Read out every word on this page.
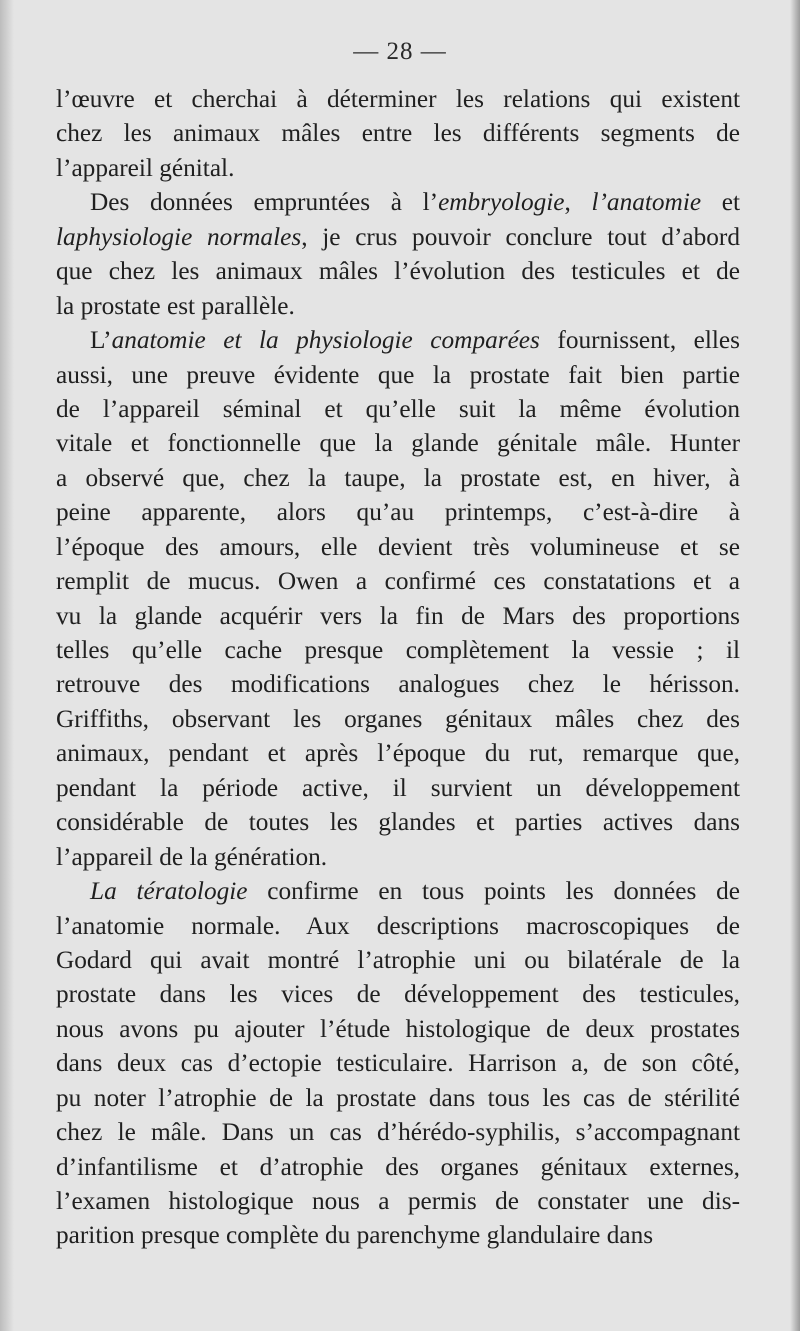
— 28 —
l’œuvre et cherchai à déterminer les relations qui existent
chez les animaux mâles entre les différents segments de
l’appareil génital.
Des données empruntées à l’embryologie, l’anatomie et
laphysiologie normales, je crus pouvoir conclure tout d’abord
que chez les animaux mâles l’évolution des testicules et de
la prostate est parallèle.
L’anatomie et la physiologie comparées fournissent, elles
aussi, une preuve évidente que la prostate fait bien partie
de l’appareil séminal et qu’elle suit la même évolution
vitale et fonctionnelle que la glande génitale mâle. Hunter
a observé que, chez la taupe, la prostate est, en hiver, à
peine apparente, alors qu’au printemps, c’est-à-dire à
l’époque des amours, elle devient très volumineuse et se
remplit de mucus. Owen a confirmé ces constatations et a
vu la glande acquérir vers la fin de Mars des proportions
telles qu’elle cache presque complètement la vessie ; il
retrouve des modifications analogues chez le hérisson.
Griffiths, observant les organes génitaux mâles chez des
animaux, pendant et après l’époque du rut, remarque que,
pendant la période active, il survient un développement
considérable de toutes les glandes et parties actives dans
l’appareil de la génération.
La tératologie confirme en tous points les données de
l’anatomie normale. Aux descriptions macroscopiques de
Godard qui avait montré l’atrophie uni ou bilatérale de la
prostate dans les vices de développement des testicules,
nous avons pu ajouter l’étude histologique de deux prostates
dans deux cas d’ectopie testiculaire. Harrison a, de son côté,
pu noter l’atrophie de la prostate dans tous les cas de stérilité
chez le mâle. Dans un cas d’hérédo-syphilis, s’accompagnant
d’infantilisme et d’atrophie des organes génitaux externes,
l’examen histologique nous a permis de constater une dis-
parition presque complète du parenchyme glandulaire dans
